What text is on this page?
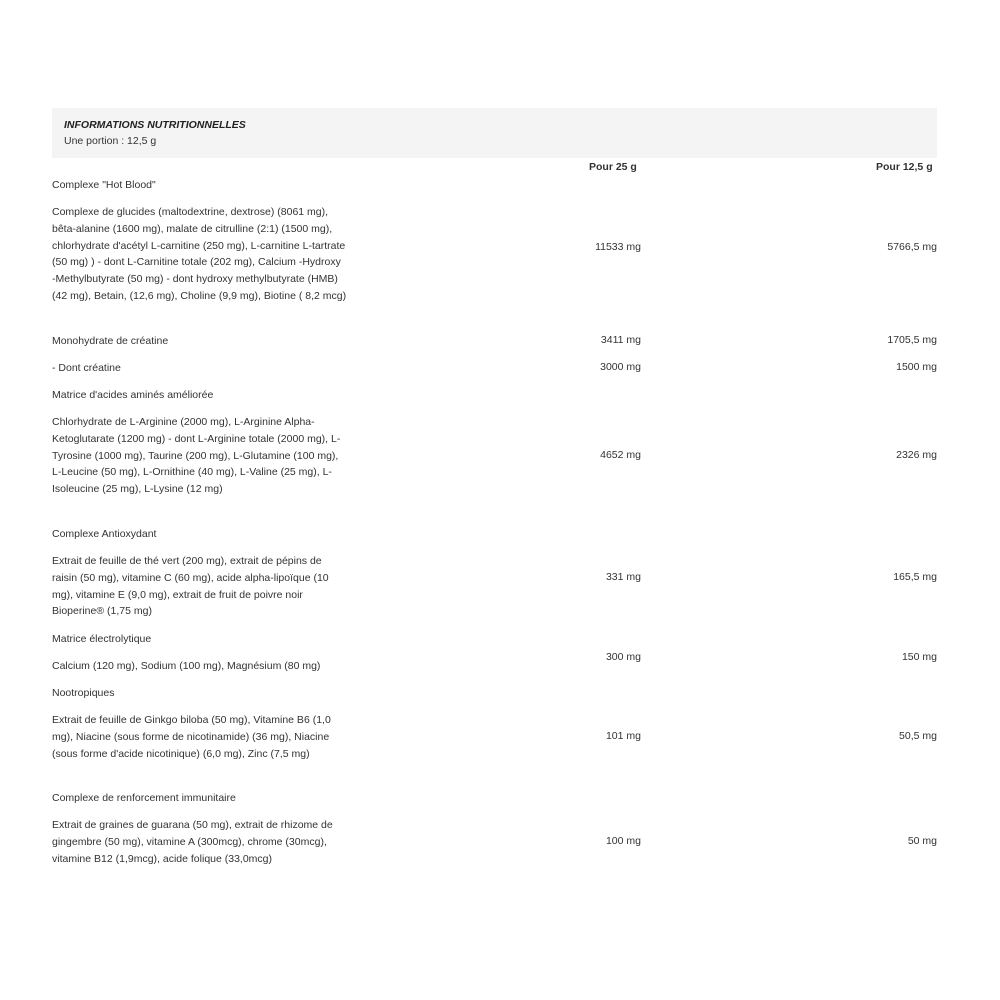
INFORMATIONS NUTRITIONNELLES
Une portion : 12,5 g
Pour 25 g	Pour 12,5 g
Complexe "Hot Blood"
Complexe de glucides (maltodextrine, dextrose) (8061 mg), bêta-alanine (1600 mg), malate de citrulline (2:1) (1500 mg), chlorhydrate d'acétyl L-carnitine (250 mg), L-carnitine L-tartrate (50 mg) ) - dont L-Carnitine totale (202 mg), Calcium -Hydroxy -Methylbutyrate (50 mg) - dont hydroxy methylbutyrate (HMB) (42 mg), Betain, (12,6 mg), Choline (9,9 mg), Biotine ( 8,2 mcg)
11533 mg	5766,5 mg
Monohydrate de créatine	3411 mg	1705,5 mg
- Dont créatine	3000 mg	1500 mg
Matrice d'acides aminés améliorée
Chlorhydrate de L-Arginine (2000 mg), L-Arginine Alpha-Ketoglutarate (1200 mg) - dont L-Arginine totale (2000 mg), L-Tyrosine (1000 mg), Taurine (200 mg), L-Glutamine (100 mg), L-Leucine (50 mg), L-Ornithine (40 mg), L-Valine (25 mg), L-Isoleucine (25 mg), L-Lysine (12 mg)
4652 mg	2326 mg
Complexe Antioxydant
Extrait de feuille de thé vert (200 mg), extrait de pépins de raisin (50 mg), vitamine C (60 mg), acide alpha-lipoïque (10 mg), vitamine E (9,0 mg), extrait de fruit de poivre noir Bioperine® (1,75 mg)
331 mg	165,5 mg
Matrice électrolytique
Calcium (120 mg), Sodium (100 mg), Magnésium (80 mg)
300 mg	150 mg
Nootropiques
Extrait de feuille de Ginkgo biloba (50 mg), Vitamine B6 (1,0 mg), Niacine (sous forme de nicotinamide) (36 mg), Niacine (sous forme d'acide nicotinique) (6,0 mg), Zinc (7,5 mg)
101 mg	50,5 mg
Complexe de renforcement immunitaire
Extrait de graines de guarana (50 mg), extrait de rhizome de gingembre (50 mg), vitamine A (300mcg), chrome (30mcg), vitamine B12 (1,9mcg), acide folique (33,0mcg)
100 mg	50 mg
